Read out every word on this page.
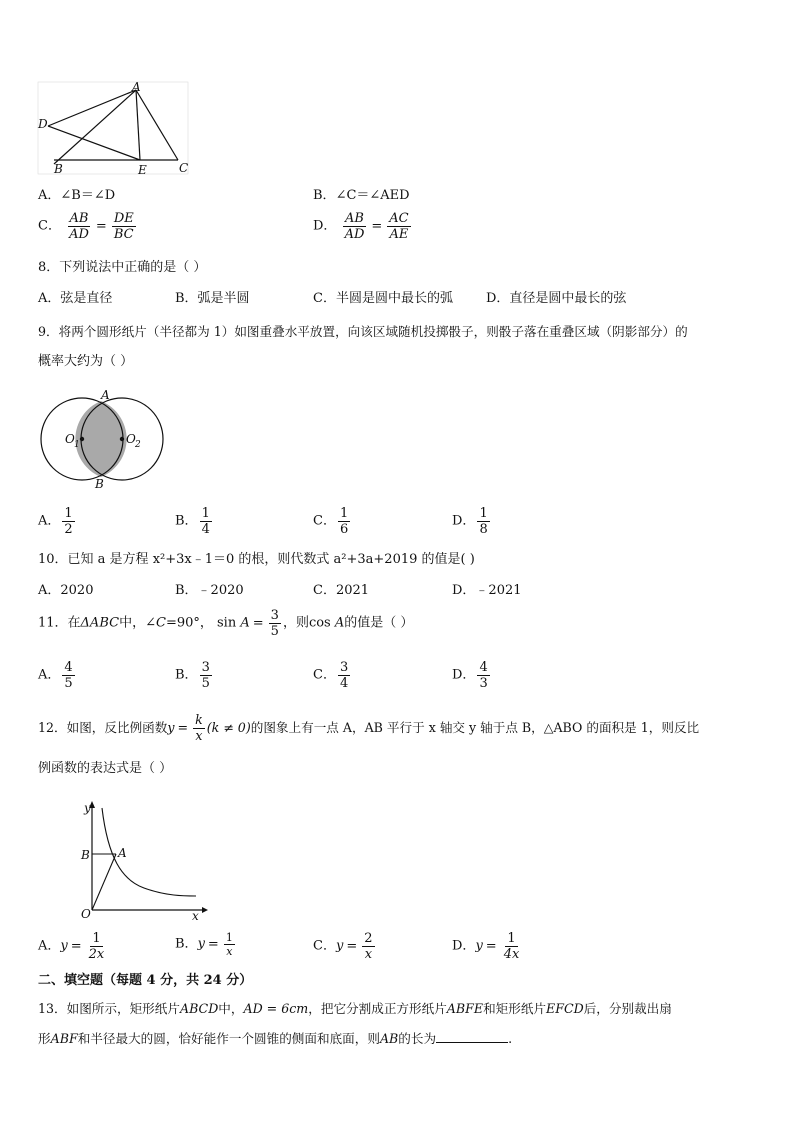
A
D
B	E	C
A．∠B＝∠D	B．∠C＝∠AED
C． $\frac{AB}{AD} = \frac{DE}{BC}$	D． $\frac{AB}{AD} = \frac{AC}{AE}$
8．下列说法中正确的是（ ）
A．弦是直径	B．弧是半圆	C．半圆是圆中最长的弧	D．直径是圆中最长的弦
9．将两个圆形纸片（半径都为 1）如图重叠水平放置，向该区域随机投掷骰子，则骰子落在重叠区域（阴影部分）的
概率大约为（ ）
A
B
O 1	O 2
A． $\frac{1}{2}$	B． $\frac{1}{4}$	C． $\frac{1}{6}$	D． $\frac{1}{8}$
10．已知 a 是方程 x²+3x﹣1＝0 的根，则代数式 a²+3a+2019 的值是( )
A．2020	B．﹣2020	C．2021	D．﹣2021
11．在ΔABC中，∠C=90°， $\sin A = \frac{3}{5}$ ，则cos A的值是（ ）
A． $\frac{4}{5}$	B． $\frac{3}{5}$	C． $\frac{3}{4}$	D． $\frac{4}{3}$
12．如图，反比例函数$y = \frac{k}{x} (k \ne 0)$的图象上有一点 A，AB 平行于 x 轴交 y 轴于点 B，△ABO 的面积是 1，则反比
例函数的表达式是（ ）
y
x
O
B A
A．$y = \frac{1}{2x}$	B．$y = \frac{1}{x}$	C．$y = \frac{2}{x}$	D．$y = \frac{1}{4x}$
二、填空题（每题 4 分，共 24 分）
13．如图所示，矩形纸片ABCD中，AD = 6cm，把它分割成正方形纸片ABFE和矩形纸片EFCD后，分别裁出扇
形ABF和半径最大的圆，恰好能作一个圆锥的侧面和底面，则AB的长为	.
